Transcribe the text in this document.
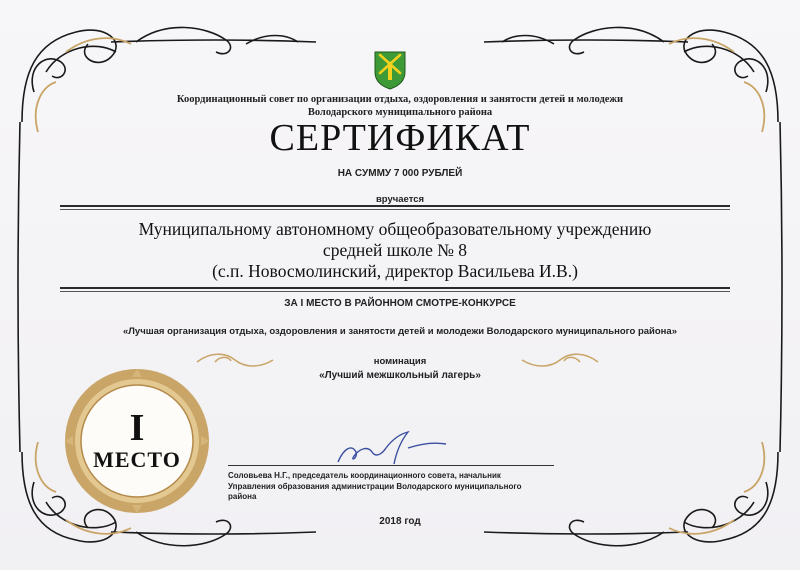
Координационный совет по организации отдыха, оздоровления и занятости детей и молодежи
Володарского муниципального района
СЕРТИФИКАТ
НА СУММУ 7 000 РУБЛЕЙ
вручается
Муниципальному автономному общеобразовательному учреждению
средней школе № 8
(с.п. Новосмолинский, директор Васильева И.В.)
ЗА I МЕСТО В РАЙОННОМ СМОТРЕ-КОНКУРСЕ
«Лучшая организация отдыха, оздоровления и занятости детей и молодежи Володарского муниципального района»
номинация
«Лучший межшкольный лагерь»
I
МЕСТО
Соловьева Н.Г., председатель координационного совета, начальник
Управления образования администрации Володарского муниципального
района
2018 год
